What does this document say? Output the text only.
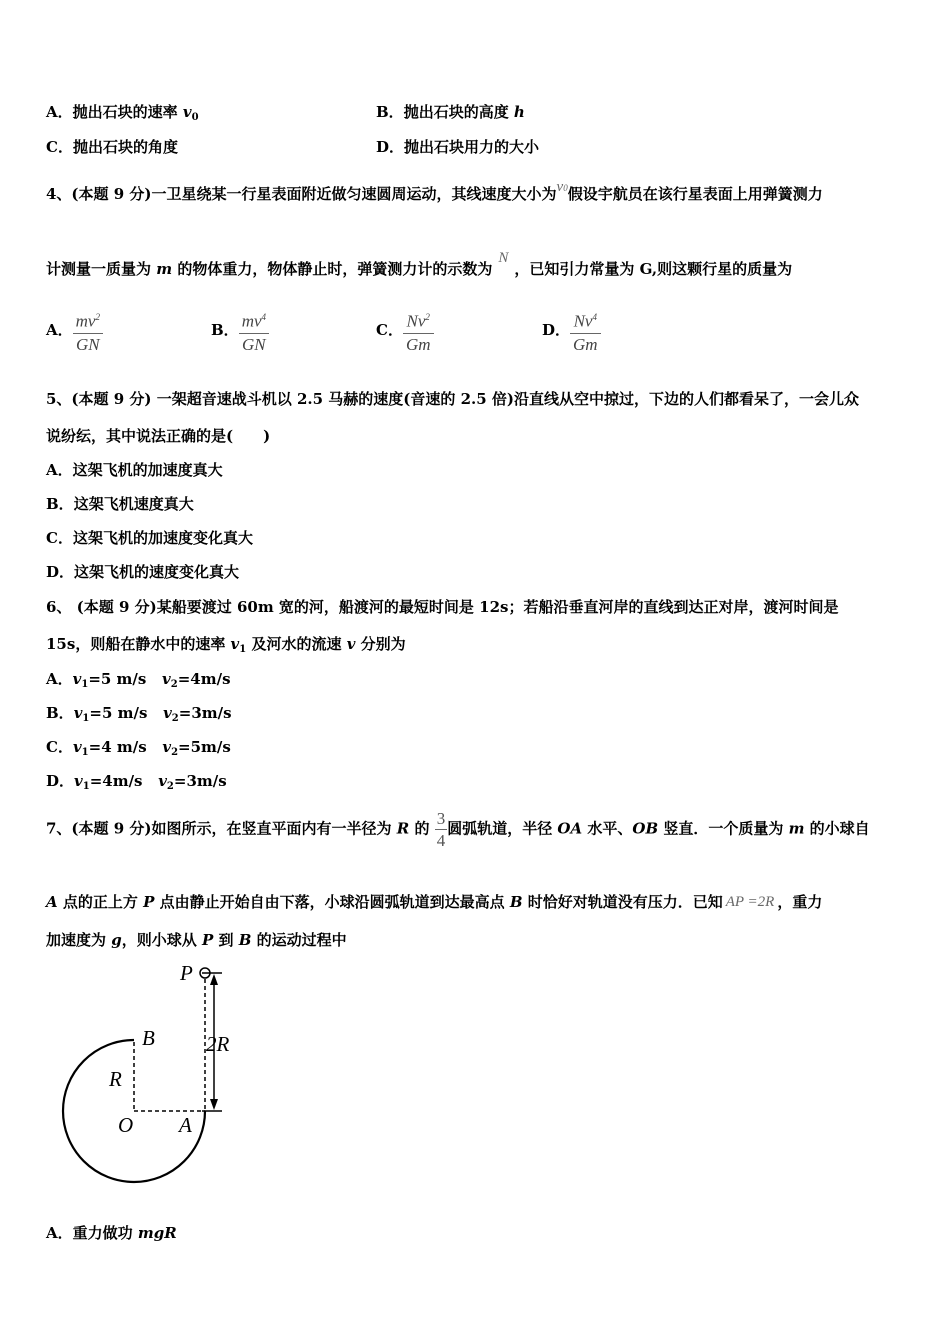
A．抛出石块的速率 $v_0$	B．抛出石块的高度 h
C．抛出石块的角度	D．抛出石块用力的大小
4、(本题 9 分)一卫星绕某一行星表面附近做匀速圆周运动，其线速度大小为v0假设宇航员在该行星表面上用弹簧测力
计测量一质量为 m 的物体重力，物体静止时，弹簧测力计的示数为N，已知引力常量为 G,则这颗行星的质量为
A． $\frac{mv^2}{GN}$	B． $\frac{mv^4}{GN}$	C． $\frac{Nv^2}{Gm}$	D． $\frac{Nv^4}{Gm}$
5、(本题 9 分) 一架超音速战斗机以 2.5 马赫的速度(音速的 2.5 倍)沿直线从空中掠过，下边的人们都看呆了，一会儿众
说纷纭，其中说法正确的是(　　)
A．这架飞机的加速度真大
B．这架飞机速度真大
C．这架飞机的加速度变化真大
D．这架飞机的速度变化真大
6、 (本题 9 分)某船要渡过 60m 宽的河，船渡河的最短时间是 12s；若船沿垂直河岸的直线到达正对岸，渡河时间是
15s，则船在静水中的速率 $v_1$ 及河水的流速 v 分别为
A．$v_1=5$ m/s $v_2=4m/s$
B．$v_1=5$ m/s $v_2=3m/s$
C．$v_1=4$ m/s $v_2=5m/s$
D．$v_1=4m/s$ $v_2=3m/s$
7、(本题 9 分)如图所示，在竖直平面内有一半径为 R 的 $\frac{3}{4}$ 圆弧轨道，半径 OA 水平、OB 竖直．一个质量为 m 的小球自
A 点的正上方 P 点由静止开始自由下落，小球沿圆弧轨道到达最高点 B 时恰好对轨道没有压力．已知 AP =2R ，重力
加速度为 g，则小球从 P 到 B 的运动过程中
P
B
R
2R
O A
A．重力做功 mgR
